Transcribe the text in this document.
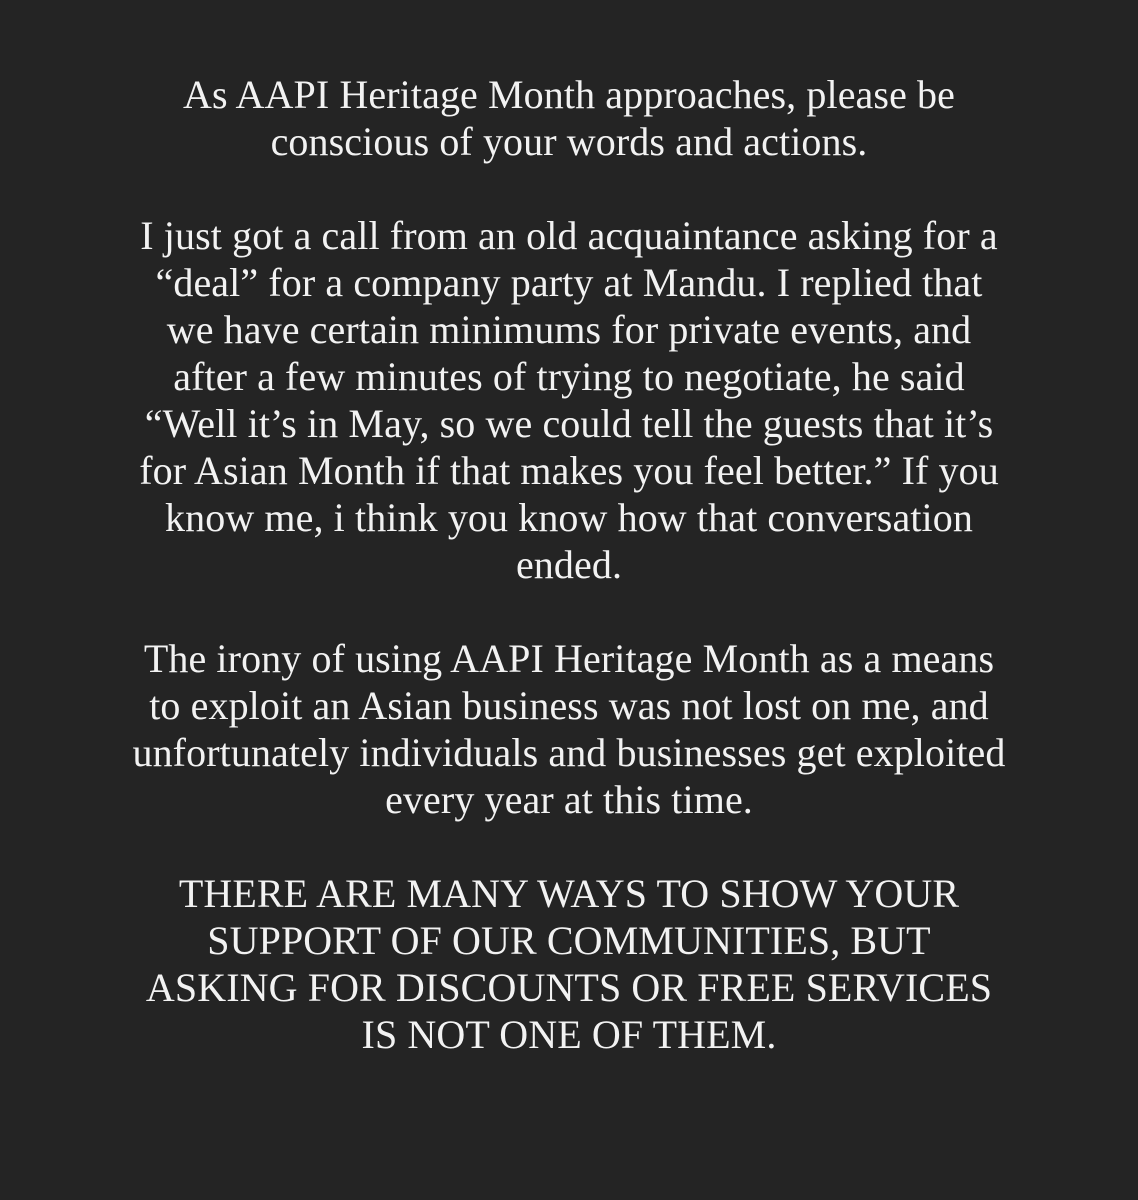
As AAPI Heritage Month approaches, please be
conscious of your words and actions.

I just got a call from an old acquaintance asking for a
“deal” for a company party at Mandu. I replied that
we have certain minimums for private events, and
after a few minutes of trying to negotiate, he said
“Well it’s in May, so we could tell the guests that it’s
for Asian Month if that makes you feel better.” If you
know me, i think you know how that conversation
ended.

The irony of using AAPI Heritage Month as a means
to exploit an Asian business was not lost on me, and
unfortunately individuals and businesses get exploited
every year at this time.

THERE ARE MANY WAYS TO SHOW YOUR
SUPPORT OF OUR COMMUNITIES, BUT
ASKING FOR DISCOUNTS OR FREE SERVICES
IS NOT ONE OF THEM.
